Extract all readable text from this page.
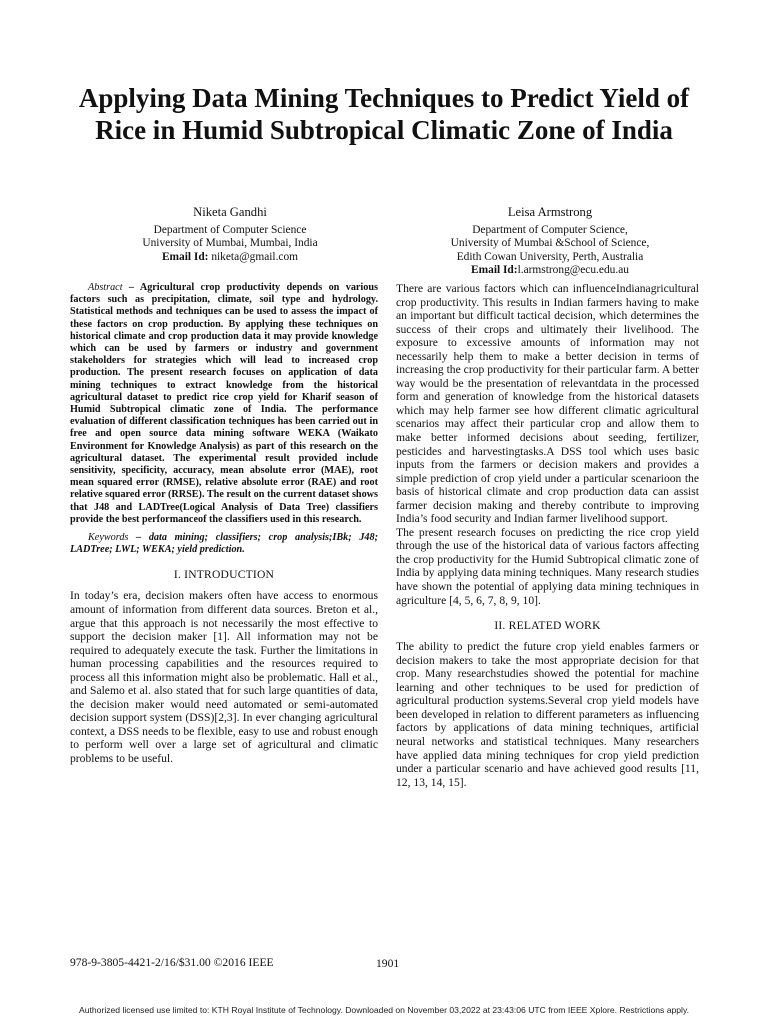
Applying Data Mining Techniques to Predict Yield of Rice in Humid Subtropical Climatic Zone of India
Niketa Gandhi
Department of Computer Science
University of Mumbai, Mumbai, India
Email Id: niketa@gmail.com
Leisa Armstrong
Department of Computer Science,
University of Mumbai &School of Science,
Edith Cowan University, Perth, Australia
Email Id:l.armstrong@ecu.edu.au

Abstract – Agricultural crop productivity depends on various factors such as precipitation, climate, soil type and hydrology. Statistical methods and techniques can be used to assess the impact of these factors on crop production. By applying these techniques on historical climate and crop production data it may provide knowledge which can be used by farmers or industry and government stakeholders for strategies which will lead to increased crop production. The present research focuses on application of data mining techniques to extract knowledge from the historical agricultural dataset to predict rice crop yield for Kharif season of Humid Subtropical climatic zone of India. The performance evaluation of different classification techniques has been carried out in free and open source data mining software WEKA (Waikato Environment for Knowledge Analysis) as part of this research on the agricultural dataset. The experimental result provided include sensitivity, specificity, accuracy, mean absolute error (MAE), root mean squared error (RMSE), relative absolute error (RAE) and root relative squared error (RRSE). The result on the current dataset shows that J48 and LADTree(Logical Analysis of Data Tree) classifiers provide the best performanceof the classifiers used in this research.

Keywords – data mining; classifiers; crop analysis;IBk; J48; LADTree; LWL; WEKA; yield prediction.

I. INTRODUCTION

In today’s era, decision makers often have access to enormous amount of information from different data sources. Breton et al., argue that this approach is not necessarily the most effective to support the decision maker [1]. All information may not be required to adequately execute the task. Further the limitations in human processing capabilities and the resources required to process all this information might also be problematic. Hall et al., and Salemo et al. also stated that for such large quantities of data, the decision maker would need automated or semi-automated decision support system (DSS)[2,3]. In ever changing agricultural context, a DSS needs to be flexible, easy to use and robust enough to perform well over a large set of agricultural and climatic problems to be useful.

There are various factors which can influenceIndianagricultural crop productivity. This results in Indian farmers having to make an important but difficult tactical decision, which determines the success of their crops and ultimately their livelihood. The exposure to excessive amounts of information may not necessarily help them to make a better decision in terms of increasing the crop productivity for their particular farm. A better way would be the presentation of relevantdata in the processed form and generation of knowledge from the historical datasets which may help farmer see how different climatic agricultural scenarios may affect their particular crop and allow them to make better informed decisions about seeding, fertilizer, pesticides and harvestingtasks.A DSS tool which uses basic inputs from the farmers or decision makers and provides a simple prediction of crop yield under a particular scenarioon the basis of historical climate and crop production data can assist farmer decision making and thereby contribute to improving India’s food security and Indian farmer livelihood support.

The present research focuses on predicting the rice crop yield through the use of the historical data of various factors affecting the crop productivity for the Humid Subtropical climatic zone of India by applying data mining techniques. Many research studies have shown the potential of applying data mining techniques in agriculture [4, 5, 6, 7, 8, 9, 10].

II. RELATED WORK

The ability to predict the future crop yield enables farmers or decision makers to take the most appropriate decision for that crop. Many researchstudies showed the potential for machine learning and other techniques to be used for prediction of agricultural production systems.Several crop yield models have been developed in relation to different parameters as influencing factors by applications of data mining techniques, artificial neural networks and statistical techniques. Many researchers have applied data mining techniques for crop yield prediction under a particular scenario and have achieved good results [11, 12, 13, 14, 15].

978-9-3805-4421-2/16/$31.00 ©2016 IEEE	1901
Authorized licensed use limited to: KTH Royal Institute of Technology. Downloaded on November 03,2022 at 23:43:06 UTC from IEEE Xplore. Restrictions apply.
